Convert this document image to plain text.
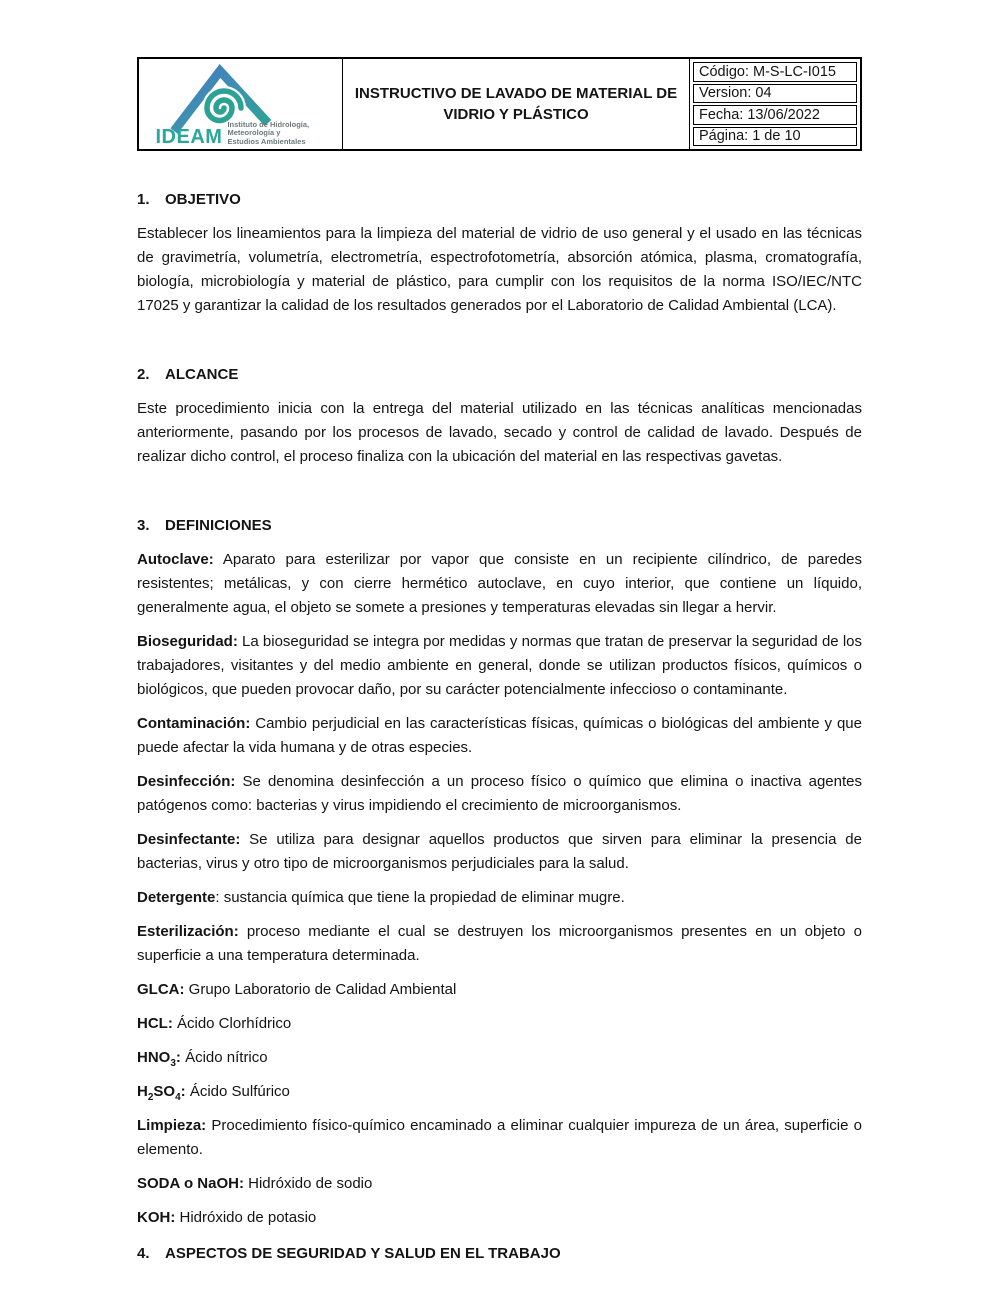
IDEAM
Instituto de Hidrología,
Meteorología y
Estudios Ambientales
INSTRUCTIVO DE LAVADO DE MATERIAL DE
VIDRIO Y PLÁSTICO
Código: M-S-LC-I015
Version: 04
Fecha: 13/06/2022
Página: 1 de 10
1.	OBJETIVO

Establecer los lineamientos para la limpieza del material de vidrio de uso general y el usado en las técnicas de gravimetría, volumetría, electrometría, espectrofotometría, absorción atómica, plasma, cromatografía, biología, microbiología y material de plástico, para cumplir con los requisitos de la norma ISO/IEC/NTC 17025 y garantizar la calidad de los resultados generados por el Laboratorio de Calidad Ambiental (LCA).

2.	ALCANCE

Este procedimiento inicia con la entrega del material utilizado en las técnicas analíticas mencionadas anteriormente, pasando por los procesos de lavado, secado y control de calidad de lavado. Después de realizar dicho control, el proceso finaliza con la ubicación del material en las respectivas gavetas.

3.	DEFINICIONES

Autoclave: Aparato para esterilizar por vapor que consiste en un recipiente cilíndrico, de paredes resistentes; metálicas, y con cierre hermético autoclave, en cuyo interior, que contiene un líquido, generalmente agua, el objeto se somete a presiones y temperaturas elevadas sin llegar a hervir.

Bioseguridad: La bioseguridad se integra por medidas y normas que tratan de preservar la seguridad de los trabajadores, visitantes y del medio ambiente en general, donde se utilizan productos físicos, químicos o biológicos, que pueden provocar daño, por su carácter potencialmente infeccioso o contaminante.

Contaminación: Cambio perjudicial en las características físicas, químicas o biológicas del ambiente y que puede afectar la vida humana y de otras especies.

Desinfección: Se denomina desinfección a un proceso físico o químico que elimina o inactiva agentes patógenos como: bacterias y virus impidiendo el crecimiento de microorganismos.

Desinfectante: Se utiliza para designar aquellos productos que sirven para eliminar la presencia de bacterias, virus y otro tipo de microorganismos perjudiciales para la salud.

Detergente: sustancia química que tiene la propiedad de eliminar mugre.

Esterilización: proceso mediante el cual se destruyen los microorganismos presentes en un objeto o superficie a una temperatura determinada.

GLCA: Grupo Laboratorio de Calidad Ambiental

HCL: Ácido Clorhídrico

$HNO_3$: Ácido nítrico

$H_2SO_4$: Ácido Sulfúrico

Limpieza: Procedimiento físico-químico encaminado a eliminar cualquier impureza de un área, superficie o elemento.

SODA o NaOH: Hidróxido de sodio

KOH: Hidróxido de potasio

4.	ASPECTOS DE SEGURIDAD Y SALUD EN EL TRABAJO
